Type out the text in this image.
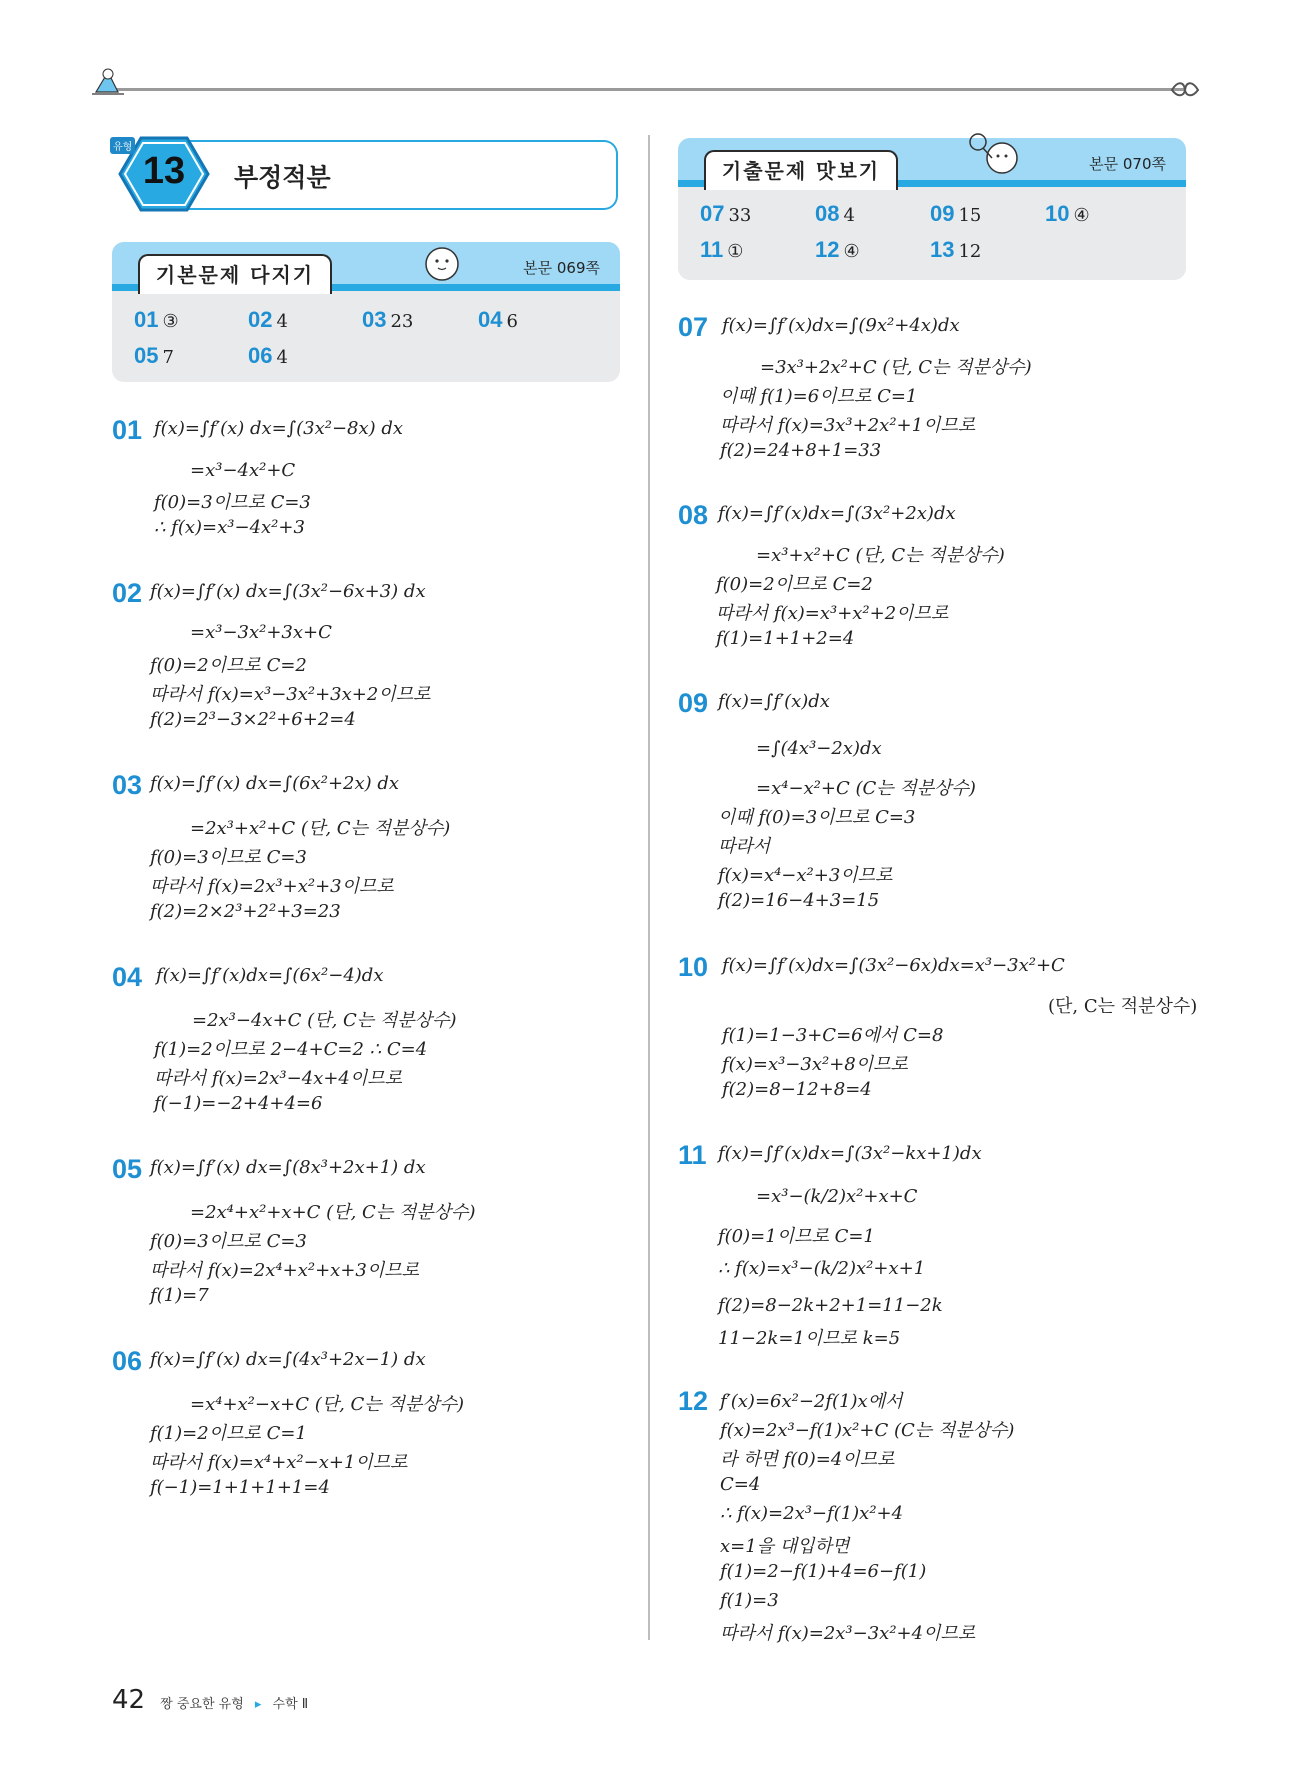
13
유형
부정적분
기본문제 다지기	본문 069쪽
01 ③	02 4	03 23	04 6
05 7	06 4
기출문제 맛보기	본문 070쪽
07 33	08 4	09 15	10 ④
11 ①	12 ④	13 12
01 f(x)=∫f′(x) dx=∫(3x²−8x) dx
=x³−4x²+C
f(0)=3이므로 C=3
∴ f(x)=x³−4x²+3
02 f(x)=∫f′(x) dx=∫(3x²−6x+3) dx
=x³−3x²+3x+C
f(0)=2이므로 C=2
따라서 f(x)=x³−3x²+3x+2이므로
f(2)=2³−3×2²+6+2=4
03 f(x)=∫f′(x) dx=∫(6x²+2x) dx
=2x³+x²+C (단, C는 적분상수)
f(0)=3이므로 C=3
따라서 f(x)=2x³+x²+3이므로
f(2)=2×2³+2²+3=23
04 f(x)=∫f′(x)dx=∫(6x²−4)dx
=2x³−4x+C (단, C는 적분상수)
f(1)=2이므로 2−4+C=2 ∴ C=4
따라서 f(x)=2x³−4x+4이므로
f(−1)=−2+4+4=6
05 f(x)=∫f′(x) dx=∫(8x³+2x+1) dx
=2x⁴+x²+x+C (단, C는 적분상수)
f(0)=3이므로 C=3
따라서 f(x)=2x⁴+x²+x+3이므로
f(1)=7
06 f(x)=∫f′(x) dx=∫(4x³+2x−1) dx
=x⁴+x²−x+C (단, C는 적분상수)
f(1)=2이므로 C=1
따라서 f(x)=x⁴+x²−x+1이므로
f(−1)=1+1+1+1=4
07 f(x)=∫f′(x)dx=∫(9x²+4x)dx
=3x³+2x²+C (단, C는 적분상수)
이때 f(1)=6이므로 C=1
따라서 f(x)=3x³+2x²+1이므로
f(2)=24+8+1=33
08 f(x)=∫f′(x)dx=∫(3x²+2x)dx
=x³+x²+C (단, C는 적분상수)
f(0)=2이므로 C=2
따라서 f(x)=x³+x²+2이므로
f(1)=1+1+2=4
09 f(x)=∫f′(x)dx
=∫(4x³−2x)dx
=x⁴−x²+C (C는 적분상수)
이때 f(0)=3이므로 C=3
따라서
f(x)=x⁴−x²+3이므로
f(2)=16−4+3=15
10 f(x)=∫f′(x)dx=∫(3x²−6x)dx=x³−3x²+C
(단, C는 적분상수)
f(1)=1−3+C=6에서 C=8
f(x)=x³−3x²+8이므로
f(2)=8−12+8=4
11 f(x)=∫f′(x)dx=∫(3x²−kx+1)dx
=x³−(k/2)x²+x+C
f(0)=1이므로 C=1
∴ f(x)=x³−(k/2)x²+x+1
f(2)=8−2k+2+1=11−2k
11−2k=1이므로 k=5
12 f′(x)=6x²−2f(1)x에서
f(x)=2x³−f(1)x²+C (C는 적분상수)
라 하면 f(0)=4이므로
C=4
∴ f(x)=2x³−f(1)x²+4
x=1을 대입하면
f(1)=2−f(1)+4=6−f(1)
f(1)=3
따라서 f(x)=2x³−3x²+4이므로
42 짱 중요한 유형 ▸ 수학 Ⅱ
